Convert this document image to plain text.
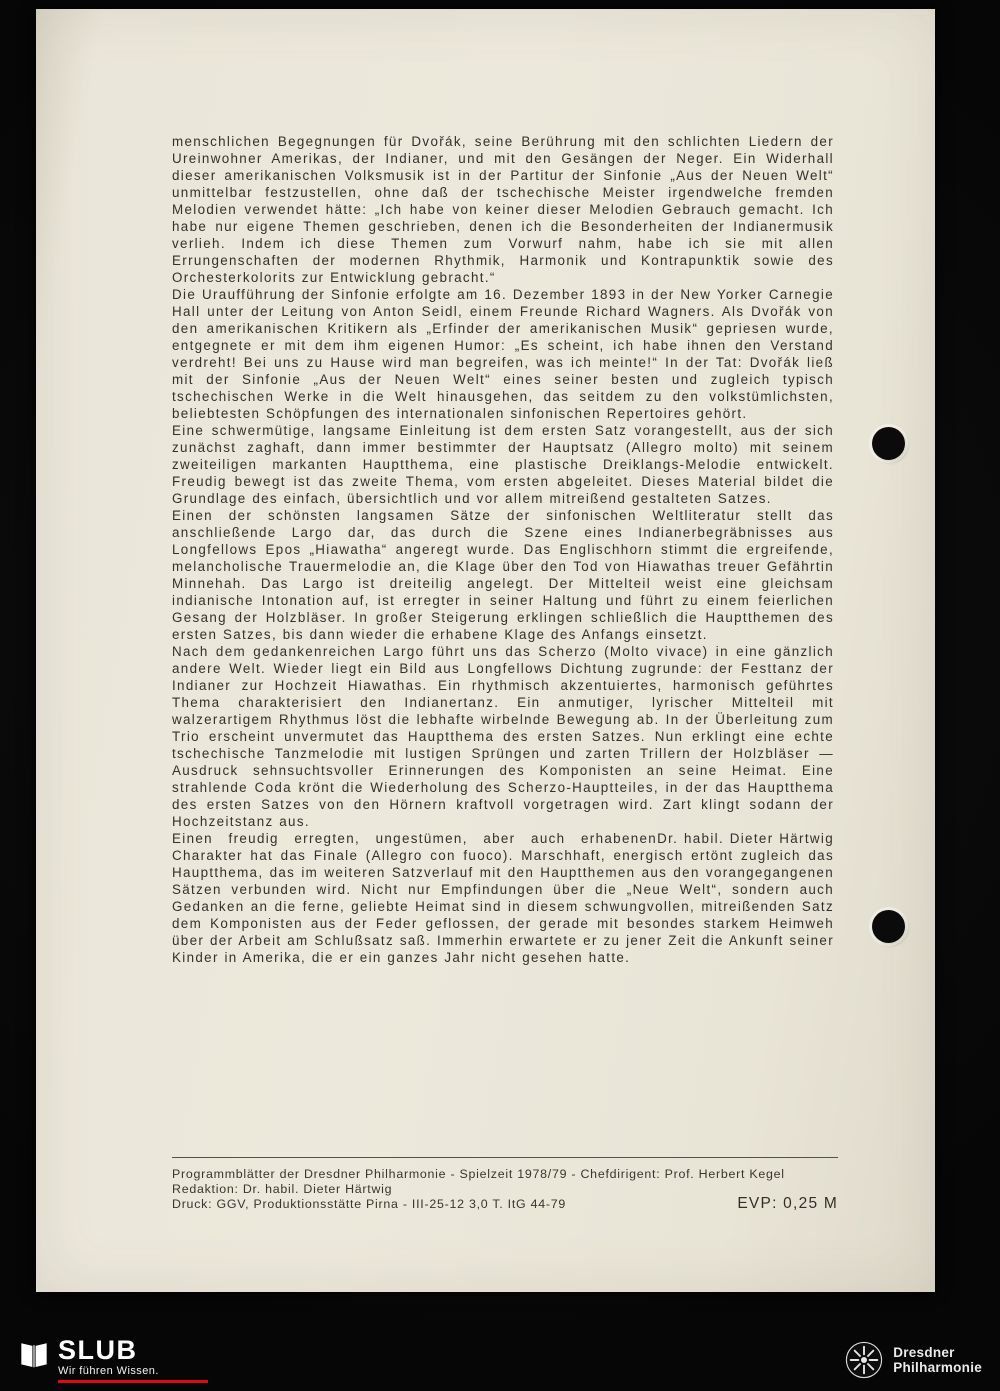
menschlichen Begegnungen für Dvořák, seine Berührung mit den schlichten Liedern der Ureinwohner Amerikas, der Indianer, und mit den Gesängen der Neger. Ein Widerhall dieser amerikanischen Volksmusik ist in der Partitur der Sinfonie „Aus der Neuen Welt“ unmittelbar festzustellen, ohne daß der tschechische Meister irgendwelche fremden Melodien verwendet hätte: „Ich habe von keiner dieser Melodien Gebrauch gemacht. Ich habe nur eigene Themen geschrieben, denen ich die Besonderheiten der Indianermusik verlieh. Indem ich diese Themen zum Vorwurf nahm, habe ich sie mit allen Errungenschaften der modernen Rhythmik, Harmonik und Kontrapunktik sowie des Orchesterkolorits zur Entwicklung gebracht.“

Die Uraufführung der Sinfonie erfolgte am 16. Dezember 1893 in der New Yorker Carnegie Hall unter der Leitung von Anton Seidl, einem Freunde Richard Wagners. Als Dvořák von den amerikanischen Kritikern als „Erfinder der amerikanischen Musik“ gepriesen wurde, entgegnete er mit dem ihm eigenen Humor: „Es scheint, ich habe ihnen den Verstand verdreht! Bei uns zu Hause wird man begreifen, was ich meinte!“ In der Tat: Dvořák ließ mit der Sinfonie „Aus der Neuen Welt“ eines seiner besten und zugleich typisch tschechischen Werke in die Welt hinausgehen, das seitdem zu den volkstümlichsten, beliebtesten Schöpfungen des internationalen sinfonischen Repertoires gehört.

Eine schwermütige, langsame Einleitung ist dem ersten Satz vorangestellt, aus der sich zunächst zaghaft, dann immer bestimmter der Hauptsatz (Allegro molto) mit seinem zweiteiligen markanten Hauptthema, eine plastische Dreiklangs-Melodie entwickelt. Freudig bewegt ist das zweite Thema, vom ersten abgeleitet. Dieses Material bildet die Grundlage des einfach, übersichtlich und vor allem mitreißend gestalteten Satzes.

Einen der schönsten langsamen Sätze der sinfonischen Weltliteratur stellt das anschließende Largo dar, das durch die Szene eines Indianerbegräbnisses aus Longfellows Epos „Hiawatha“ angeregt wurde. Das Englischhorn stimmt die ergreifende, melancholische Trauermelodie an, die Klage über den Tod von Hiawathas treuer Gefährtin Minnehah. Das Largo ist dreiteilig angelegt. Der Mittelteil weist eine gleichsam indianische Intonation auf, ist erregter in seiner Haltung und führt zu einem feierlichen Gesang der Holzbläser. In großer Steigerung erklingen schließlich die Hauptthemen des ersten Satzes, bis dann wieder die erhabene Klage des Anfangs einsetzt.

Nach dem gedankenreichen Largo führt uns das Scherzo (Molto vivace) in eine gänzlich andere Welt. Wieder liegt ein Bild aus Longfellows Dichtung zugrunde: der Festtanz der Indianer zur Hochzeit Hiawathas. Ein rhythmisch akzentuiertes, harmonisch geführtes Thema charakterisiert den Indianertanz. Ein anmutiger, lyrischer Mittelteil mit walzerartigem Rhythmus löst die lebhafte wirbelnde Bewegung ab. In der Überleitung zum Trio erscheint unvermutet das Hauptthema des ersten Satzes. Nun erklingt eine echte tschechische Tanzmelodie mit lustigen Sprüngen und zarten Trillern der Holzbläser — Ausdruck sehnsuchtsvoller Erinnerungen des Komponisten an seine Heimat. Eine strahlende Coda krönt die Wiederholung des Scherzo-Hauptteiles, in der das Hauptthema des ersten Satzes von den Hörnern kraftvoll vorgetragen wird. Zart klingt sodann der Hochzeitstanz aus.

Dr. habil. Dieter Härtwig
Einen freudig erregten, ungestümen, aber auch erhabenen Charakter hat das Finale (Allegro con fuoco). Marschhaft, energisch ertönt zugleich das Hauptthema, das im weiteren Satzverlauf mit den Hauptthemen aus den vorangegangenen Sätzen verbunden wird. Nicht nur Empfindungen über die „Neue Welt“, sondern auch Gedanken an die ferne, geliebte Heimat sind in diesem schwungvollen, mitreißenden Satz dem Komponisten aus der Feder geflossen, der gerade mit besondes starkem Heimweh über der Arbeit am Schlußsatz saß. Immerhin erwartete er zu jener Zeit die Ankunft seiner Kinder in Amerika, die er ein ganzes Jahr nicht gesehen hatte.

Programmblätter der Dresdner Philharmonie - Spielzeit 1978/79 - Chefdirigent: Prof. Herbert Kegel
Redaktion: Dr. habil. Dieter Härtwig
Druck: GGV, Produktionsstätte Pirna - III-25-12 3,0 T. ItG 44-79	EVP: 0,25 M
SLUB
Wir führen Wissen.
Dresdner
Philharmonie
